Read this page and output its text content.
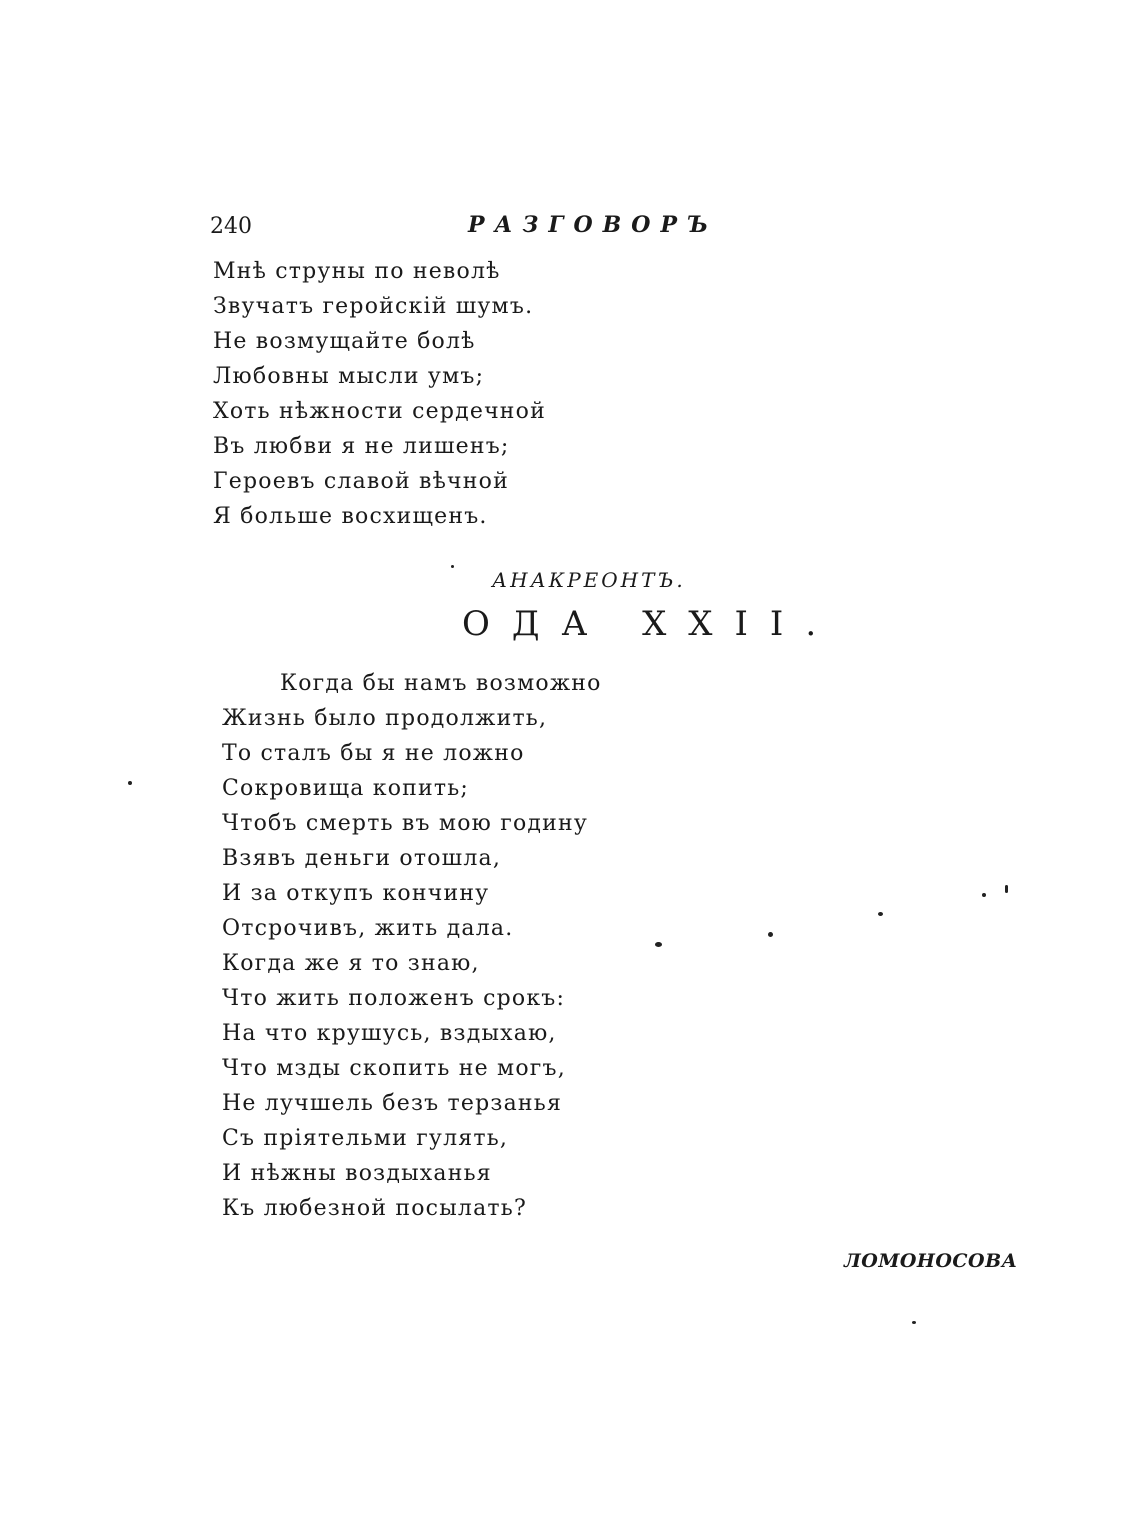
240	РАЗГОВОРЪ
Мнѣ струны по неволѣ
Звучатъ геройскій шумъ.
Не возмущайте болѣ
Любовны мысли умъ;
Хоть нѣжности сердечной
Въ любви я не лишенъ;
Героевъ славой вѣчной
Я больше восхищенъ.
АНАКРЕОНТЪ.
ОДА XXII.
Когда бы намъ возможно
Жизнь было продолжить,
То сталъ бы я не ложно
Сокровища копить;
Чтобъ смерть въ мою годину
Взявъ деньги отошла,
И за откупъ кончину
Отсрочивъ, жить дала.
Когда же я то знаю,
Что жить положенъ срокъ:
На что крушусь, вздыхаю,
Что мзды скопить не могъ,
Не лучшель безъ терзанья
Съ пріятельми гулять,
И нѣжны воздыханья
Къ любезной посылать?
ЛОМОНОСОВА
